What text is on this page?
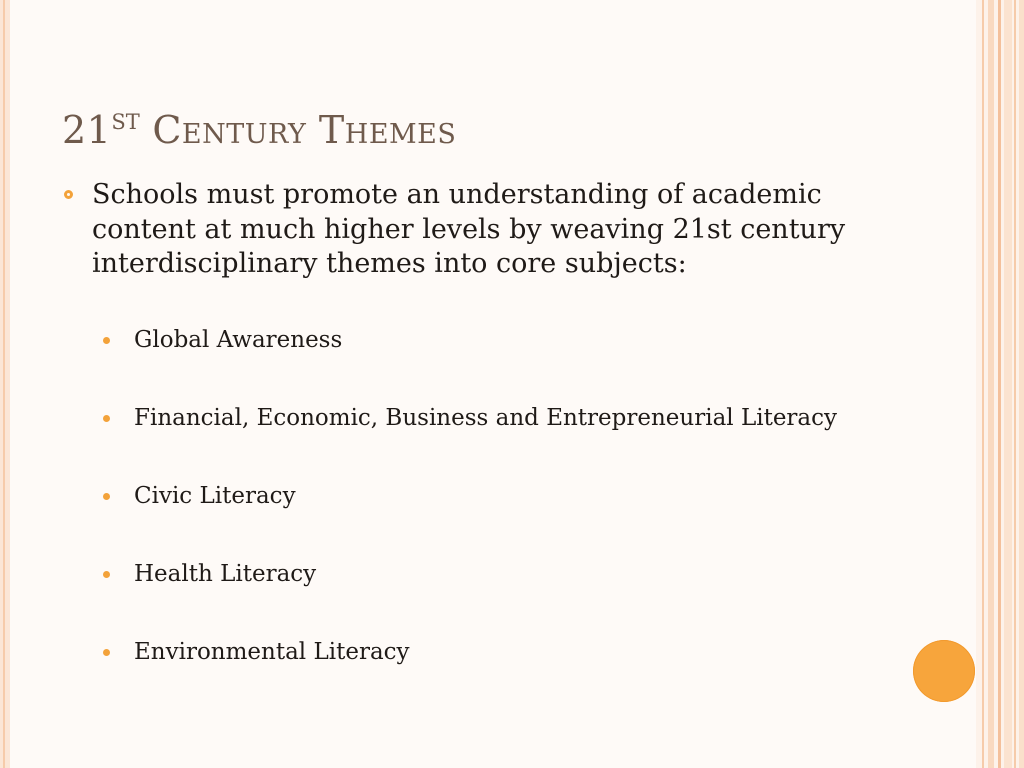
21ST Century Themes

Schools must promote an understanding of academic content at much higher levels by weaving 21st century interdisciplinary themes into core subjects:

Global Awareness
Financial, Economic, Business and Entrepreneurial Literacy
Civic Literacy
Health Literacy
Environmental Literacy
